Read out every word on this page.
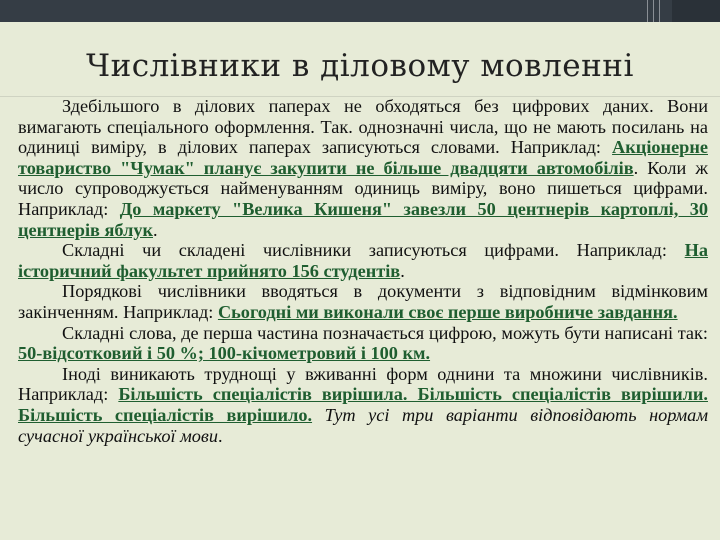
Числівники в діловому мовленні

Здебільшого в ділових паперах не обходяться без цифрових даних. Вони вимагають спеціального оформлення. Так. однозначні числа, що не мають посилань на одиниці виміру, в ділових паперах записуються словами. Наприклад: Акціонерне товариство "Чумак" планує закупити не більше двадцяти автомобілів. Коли ж число супроводжується найменуванням одиниць виміру, воно пишеться цифрами. Наприклад: До маркету "Велика Кишеня" завезли 50 центнерів картоплі, 30 центнерів яблук.

Складні чи складені числівники записуються цифрами. Наприклад: На історичний факультет прийнято 156 студентів.

Порядкові числівники вводяться в документи з відповідним відмінковим закінченням. Наприклад: Сьогодні ми виконали своє перше виробниче завдання.

Складні слова, де перша частина позначається цифрою, можуть бути написані так: 50-відсотковий і 50 %; 100-кічометровий і 100 км.

Іноді виникають труднощі у вживанні форм однини та множини числівників. Наприклад: Більшість спеціалістів вирішила. Більшість спеціалістів вирішили. Більшість спеціалістів вирішило. Тут усі три варіанти відповідають нормам сучасної української мови.
